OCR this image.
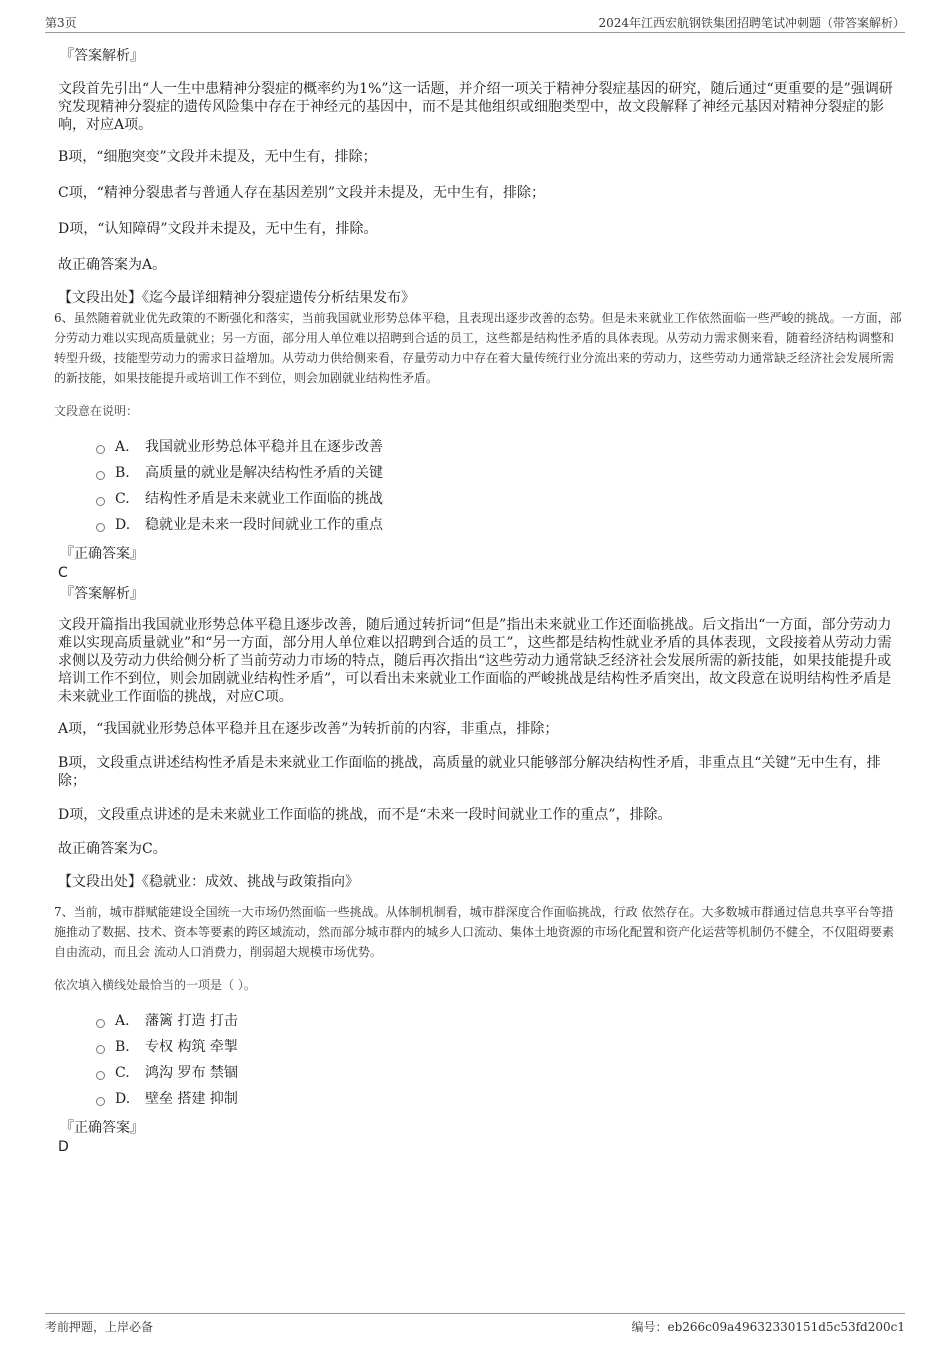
第3页	2024年江西宏航钢铁集团招聘笔试冲刺题（带答案解析）

『答案解析』

文段首先引出“人一生中患精神分裂症的概率约为1%”这一话题，并介绍一项关于精神分裂症基因的研究，随后通过“更重要的是”强调研究发现精神分裂症的遗传风险集中存在于神经元的基因中，而不是其他组织或细胞类型中，故文段解释了神经元基因对精神分裂症的影响，对应A项。

B项，“细胞突变”文段并未提及，无中生有，排除；

C项，“精神分裂患者与普通人存在基因差别”文段并未提及，无中生有，排除；

D项，“认知障碍”文段并未提及，无中生有，排除。

故正确答案为A。

【文段出处】《迄今最详细精神分裂症遗传分析结果发布》

6、虽然随着就业优先政策的不断强化和落实，当前我国就业形势总体平稳，且表现出逐步改善的态势。但是未来就业工作依然面临一些严峻的挑战。一方面，部分劳动力难以实现高质量就业；另一方面，部分用人单位难以招聘到合适的员工，这些都是结构性矛盾的具体表现。从劳动力需求侧来看，随着经济结构调整和转型升级，技能型劳动力的需求日益增加。从劳动力供给侧来看，存量劳动力中存在着大量传统行业分流出来的劳动力，这些劳动力通常缺乏经济社会发展所需的新技能，如果技能提升或培训工作不到位，则会加剧就业结构性矛盾。

文段意在说明：

A.	我国就业形势总体平稳并且在逐步改善
B.	高质量的就业是解决结构性矛盾的关键
C.	结构性矛盾是未来就业工作面临的挑战
D.	稳就业是未来一段时间就业工作的重点

『正确答案』

C

『答案解析』

文段开篇指出我国就业形势总体平稳且逐步改善，随后通过转折词“但是”指出未来就业工作还面临挑战。后文指出“一方面，部分劳动力难以实现高质量就业”和“另一方面，部分用人单位难以招聘到合适的员工”，这些都是结构性就业矛盾的具体表现，文段接着从劳动力需求侧以及劳动力供给侧分析了当前劳动力市场的特点，随后再次指出“这些劳动力通常缺乏经济社会发展所需的新技能，如果技能提升或培训工作不到位，则会加剧就业结构性矛盾”，可以看出未来就业工作面临的严峻挑战是结构性矛盾突出，故文段意在说明结构性矛盾是未来就业工作面临的挑战，对应C项。

A项，“我国就业形势总体平稳并且在逐步改善”为转折前的内容，非重点，排除；

B项，文段重点讲述结构性矛盾是未来就业工作面临的挑战，高质量的就业只能够部分解决结构性矛盾，非重点且“关键”无中生有，排除；

D项，文段重点讲述的是未来就业工作面临的挑战，而不是“未来一段时间就业工作的重点”，排除。

故正确答案为C。

【文段出处】《稳就业：成效、挑战与政策指向》

7、当前，城市群赋能建设全国统一大市场仍然面临一些挑战。从体制机制看，城市群深度合作面临挑战，行政 依然存在。大多数城市群通过信息共享平台等措施推动了数据、技术、资本等要素的跨区域流动，然而部分城市群内的城乡人口流动、集体土地资源的市场化配置和资产化运营等机制仍不健全，不仅阻碍要素自由流动，而且会 流动人口消费力，削弱超大规模市场优势。

依次填入横线处最恰当的一项是（ ）。

A.	藩篱 打造 打击
B.	专权 构筑 牵掣
C.	鸿沟 罗布 禁锢
D.	壁垒 搭建 抑制

『正确答案』

D

考前押题，上岸必备	编号：eb266c09a49632330151d5c53fd200c1
